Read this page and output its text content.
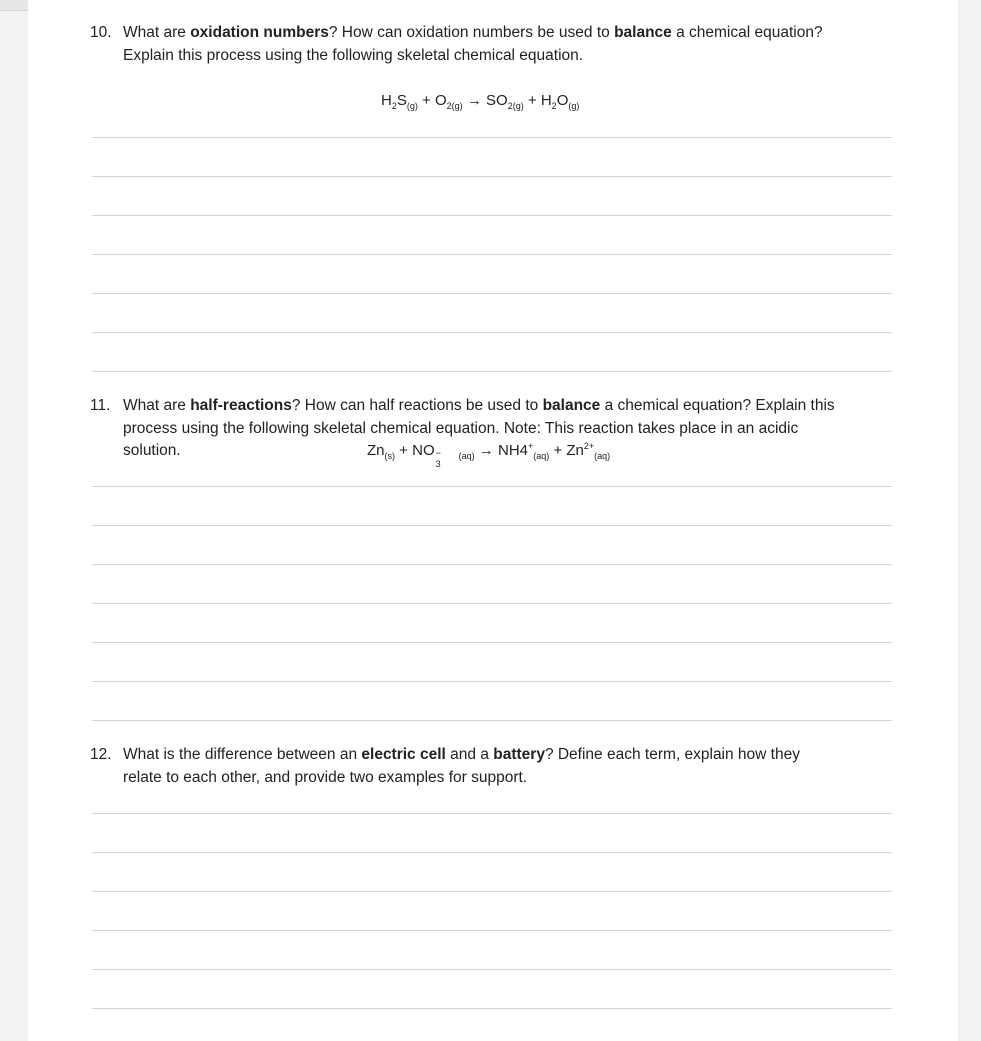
10. What are oxidation numbers? How can oxidation numbers be used to balance a chemical equation?
Explain this process using the following skeletal chemical equation.
$H_2S_{(g)} + O_{2(g)} \to SO_{2(g)} + H_2O_{(g)}$
11. What are half-reactions? How can half reactions be used to balance a chemical equation? Explain this
process using the following skeletal chemical equation. Note: This reaction takes place in an acidic
solution.	$Zn_{(s)}$ + NO −
3
$_{(aq)} \to NH4^+_{(aq)} + Zn^{2+}_{(aq)}$
12. What is the difference between an electric cell and a battery? Define each term, explain how they
relate to each other, and provide two examples for support.
